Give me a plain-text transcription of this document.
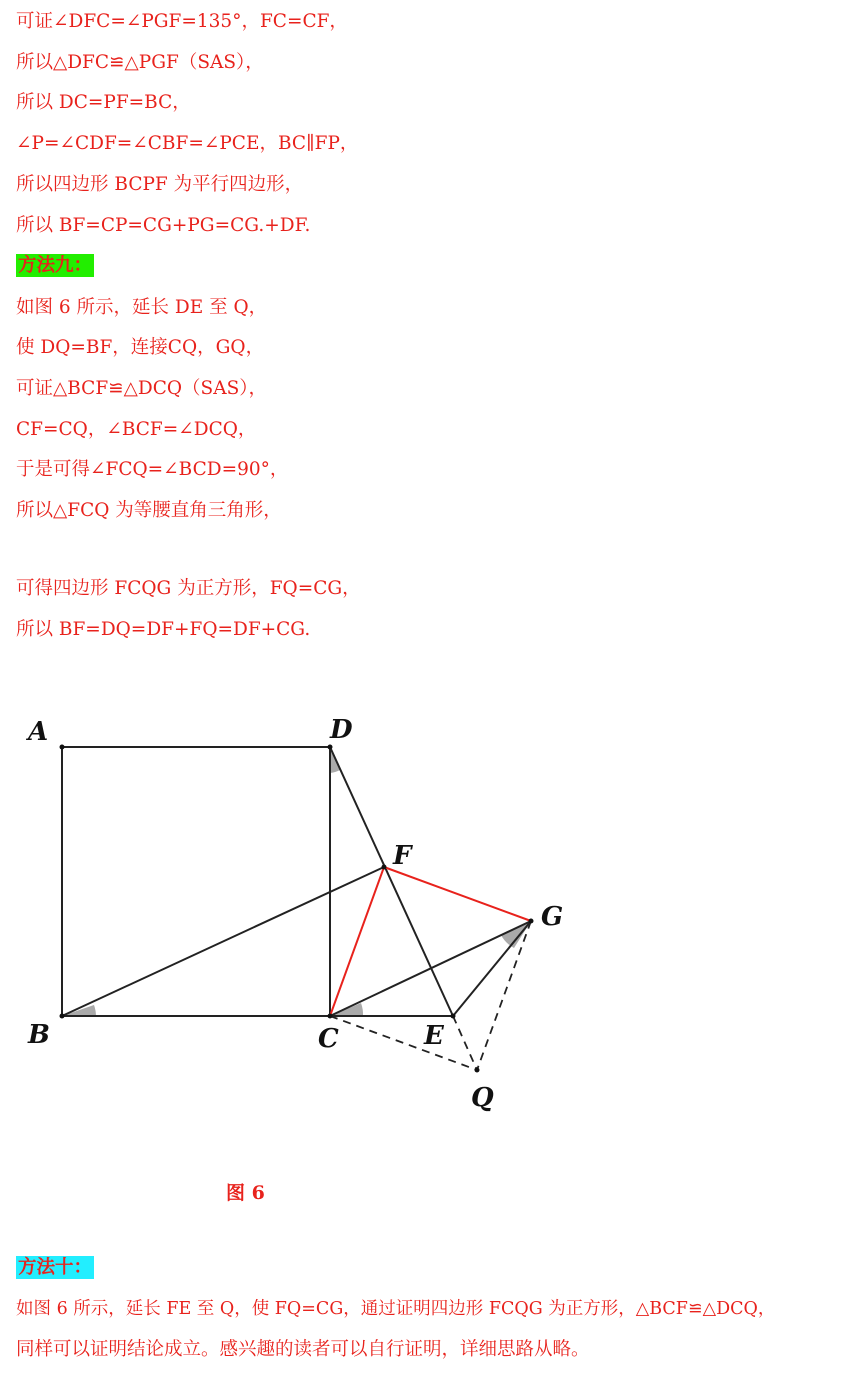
可证∠DFC=∠PGF=135°，FC=CF，
所以△DFC≌△PGF（SAS），
所以 DC=PF=BC，
∠P=∠CDF=∠CBF=∠PCE，BC∥FP，
所以四边形 BCPF 为平行四边形，
所以 BF=CP=CG+PG=CG.+DF.
方法九：
如图 6 所示，延长 DE 至 Q，
使 DQ=BF，连接CQ，GQ，
可证△BCF≌△DCQ（SAS），
CF=CQ，∠BCF=∠DCQ，
于是可得∠FCQ=∠BCD=90°，
所以△FCQ 为等腰直角三角形，
可得四边形 FCQG 为正方形，FQ=CG，
所以 BF=DQ=DF+FQ=DF+CG.
A	D
F
G
B	C	E
Q
图 6
方法十：
如图 6 所示，延长 FE 至 Q，使 FQ=CG，通过证明四边形 FCQG 为正方形，△BCF≌△DCQ，
同样可以证明结论成立。感兴趣的读者可以自行证明，详细思路从略。
